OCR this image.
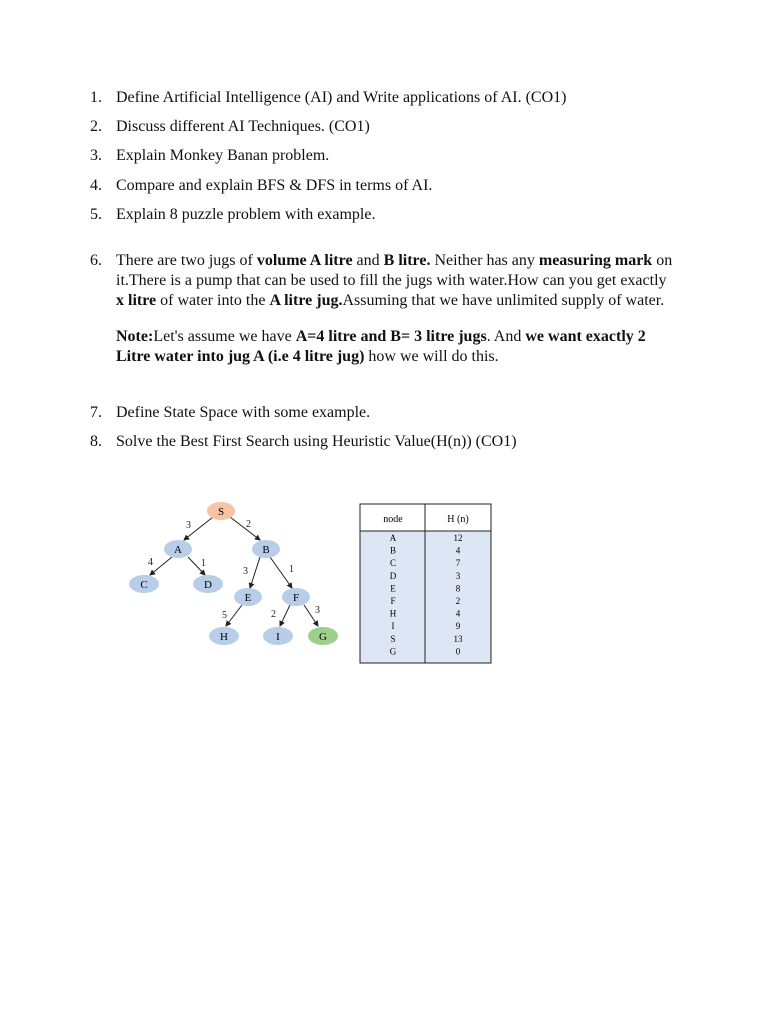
1. Define Artificial Intelligence (AI) and Write applications of AI. (CO1)
2. Discuss different AI Techniques. (CO1)
3. Explain Monkey Banan problem.
4. Compare and explain BFS & DFS in terms of AI.
5. Explain 8 puzzle problem with example.
6. There are two jugs of volume A litre and B litre. Neither has any measuring mark on it.There is a pump that can be used to fill the jugs with water.How can you get exactly x litre of water into the A litre jug.Assuming that we have unlimited supply of water.
Note:Let's assume we have A=4 litre and B= 3 litre jugs. And we want exactly 2 Litre water into jug A (i.e 4 litre jug) how we will do this.
7. Define State Space with some example.
8. Solve the Best First Search using Heuristic Value(H(n)) (CO1)
3	2
4	1
3	1
5	2	3
S
A	B
C	D
E	F
H	I	G
node	H (n)
A	12
B	4
C	7
D	3
E	8
F	2
H	4
I	9
S	13
G	0
